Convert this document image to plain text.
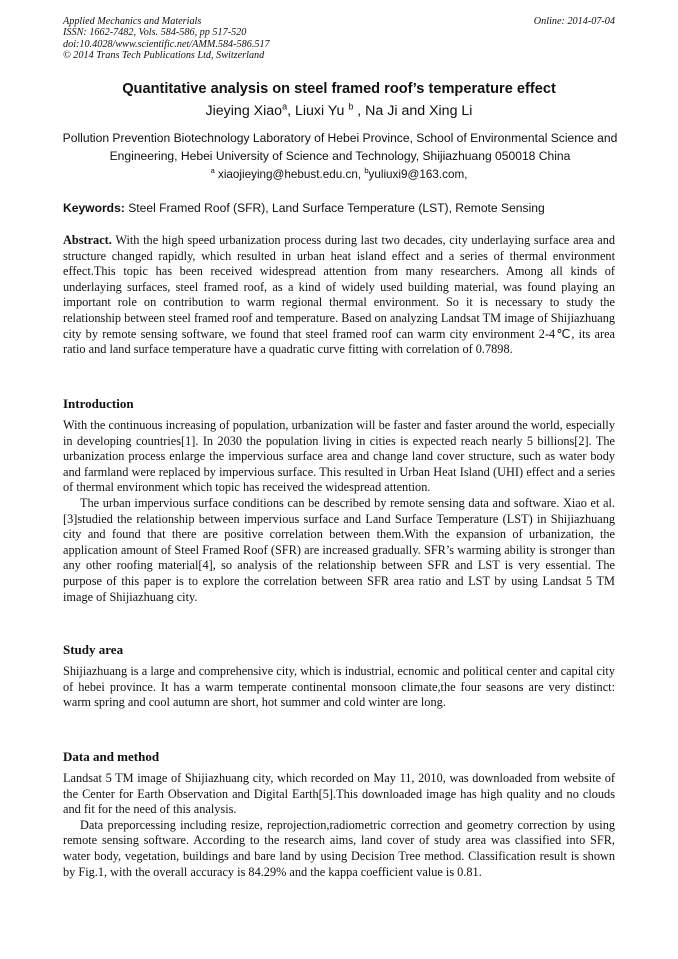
Applied Mechanics and Materials
ISSN: 1662-7482, Vols. 584-586, pp 517-520
doi:10.4028/www.scientific.net/AMM.584-586.517
© 2014 Trans Tech Publications Ltd, Switzerland
Online: 2014-07-04
Quantitative analysis on steel framed roof’s temperature effect
Jieying Xiao$^a$, Liuxi Yu $^b$ , Na Ji and Xing Li
Pollution Prevention Biotechnology Laboratory of Hebei Province, School of Environmental Science and Engineering, Hebei University of Science and Technology, Shijiazhuang 050018 China
$^a$ xiaojieying@hebust.edu.cn, $^b$yuliuxi9@163.com,
Keywords: Steel Framed Roof (SFR), Land Surface Temperature (LST), Remote Sensing

Abstract. With the high speed urbanization process during last two decades, city underlaying surface area and structure changed rapidly, which resulted in urban heat island effect and a series of thermal environment effect.This topic has been received widespread attention from many researchers. Among all kinds of underlaying surfaces, steel framed roof, as a kind of widely used building material, was found playing an important role on contribution to warm regional thermal environment. So it is necessary to study the relationship between steel framed roof and temperature. Based on analyzing Landsat TM image of Shijiazhuang city by remote sensing software, we found that steel framed roof can warm city environment 2-4℃, its area ratio and land surface temperature have a quadratic curve fitting with correlation of 0.7898.

Introduction

With the continuous increasing of population, urbanization will be faster and faster around the world, especially in developing countries[1]. In 2030 the population living in cities is expected reach nearly 5 billions[2]. The urbanization process enlarge the impervious surface area and change land cover structure, such as water body and farmland were replaced by impervious surface. This resulted in Urban Heat Island (UHI) effect and a series of thermal environment which topic has received the widespread attention.

The urban impervious surface conditions can be described by remote sensing data and software. Xiao et al.[3]studied the relationship between impervious surface and Land Surface Temperature (LST) in Shijiazhuang city and found that there are positive correlation between them.With the expansion of urbanization, the application amount of Steel Framed Roof (SFR) are increased gradually. SFR’s warming ability is stronger than any other roofing material[4], so analysis of the relationship between SFR and LST is very essential. The purpose of this paper is to explore the correlation between SFR area ratio and LST by using Landsat 5 TM image of Shijiazhuang city.

Study area

Shijiazhuang is a large and comprehensive city, which is industrial, ecnomic and political center and capital city of hebei province. It has a warm temperate continental monsoon climate,the four seasons are very distinct: warm spring and cool autumn are short, hot summer and cold winter are long.

Data and method

Landsat 5 TM image of Shijiazhuang city, which recorded on May 11, 2010, was downloaded from website of the Center for Earth Observation and Digital Earth[5].This downloaded image has high quality and no clouds and fit for the need of this analysis.

Data preporcessing including resize, reprojection,radiometric correction and geometry correction by using remote sensing software. According to the research aims, land cover of study area was classified into SFR, water body, vegetation, buildings and bare land by using Decision Tree method. Classification result is shown by Fig.1, with the overall accuracy is 84.29% and the kappa coefficient value is 0.81.
